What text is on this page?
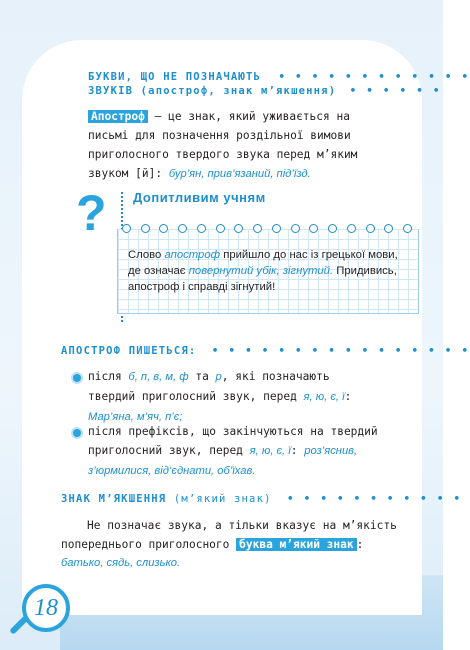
БУКВИ, ЩО НЕ ПОЗНАЧАЮТЬ • • • • • • • • • • • •
ЗВУКІВ (апостроф, знак м’якшення) • • • • • •
Апостроф — це знак, який уживається на письмі для позначення роздільної вимови приголосного твердого звука перед м’яким звуком [й]: бур’ян, прив’язаний, під’їзд.
? Допитливим учням
Слово апостроф прийшло до нас із грецької мови, де означає повернутий убік, зігнутий. Придивись, апостроф і справді зігнутий!
АПОСТРОФ ПИШЕТЬСЯ: • • • • • • • • • • • • • • • •
після б, п, в, м, ф та р, які позначають твердий приголосний звук, перед я, ю, є, ї: Мар’яна, м’яч, п’є;
після префіксів, що закінчуються на твердий приголосний звук, перед я, ю, є, ї: роз’яснив, з’юрмилися, від’єднати, об’їхав.
ЗНАК М’ЯКШЕННЯ (м’який знак) • • • • • • • • • • •
Не позначає звука, а тільки вказує на м’якість попереднього приголосного буква м’який знак :
батько, сядь, слизько.
18	українська мова
